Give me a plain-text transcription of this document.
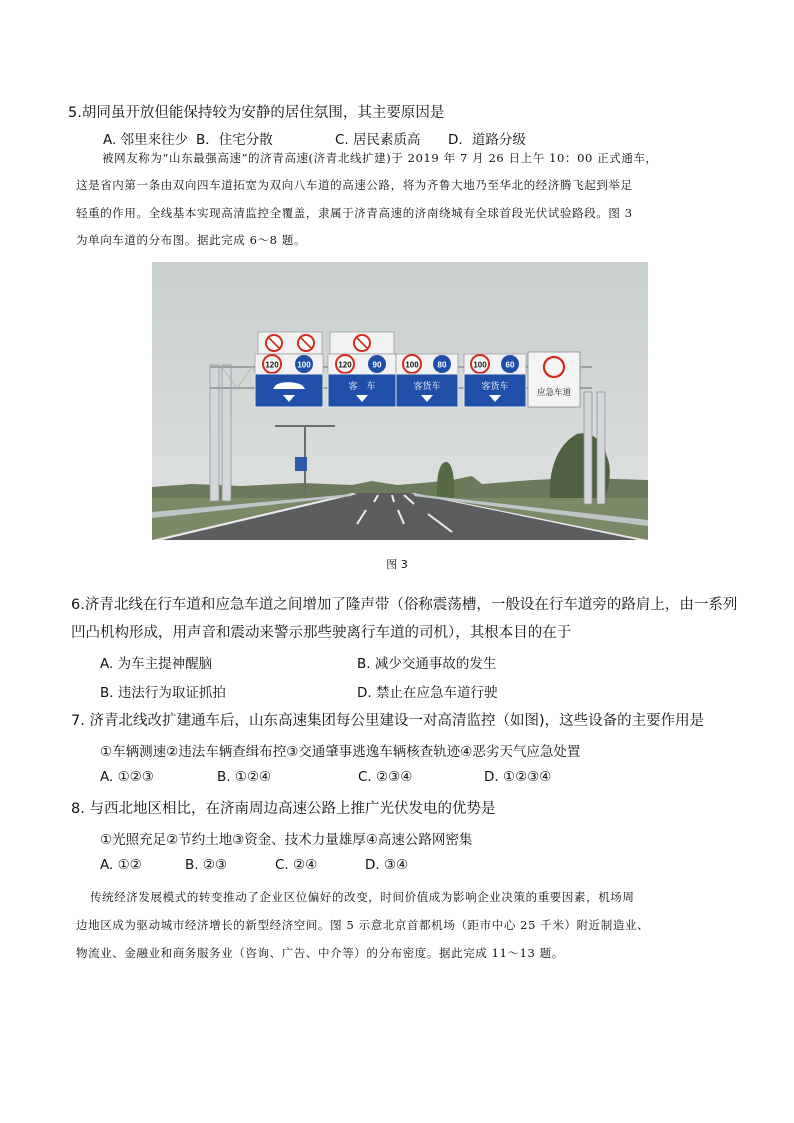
5.胡同虽开放但能保持较为安静的居住氛围，其主要原因是
A. 邻里来往少 B．住宅分散	C. 居民素质高 D．道路分级
被网友称为“山东最强高速”的济青高速(济青北线扩建)于 2019 年 7 月 26 日上午 10：00 正式通车，
这是省内第一条由双向四车道拓宽为双向八车道的高速公路，将为齐鲁大地乃至华北的经济腾飞起到举足
轻重的作用。全线基本实现高清监控全覆盖，隶属于济青高速的济南绕城有全球首段光伏试验路段。图 3
为单向车道的分布图。据此完成 6～8 题。
120 100	120	90
客　车
100 80
客货车
100 60
客货车
应急车道
图 3
6.济青北线在行车道和应急车道之间增加了隆声带（俗称震荡槽，一般设在行车道旁的路肩上，由一系列
凹凸机构形成，用声音和震动来警示那些驶离行车道的司机），其根本目的在于
A. 为车主提神醒脑	B. 减少交通事故的发生
B. 违法行为取证抓拍	D. 禁止在应急车道行驶
7. 济青北线改扩建通车后，山东高速集团每公里建设一对高清监控（如图)，这些设备的主要作用是
①车辆测速②违法车辆查缉布控③交通肇事逃逸车辆核查轨迹④恶劣天气应急处置
A. ①②③	B. ①②④	C. ②③④	D. ①②③④
8. 与西北地区相比，在济南周边高速公路上推广光伏发电的优势是
①光照充足②节约土地③资金、技术力量雄厚④高速公路网密集
A. ①②	B. ②③	C. ②④	D. ③④
传统经济发展模式的转变推动了企业区位偏好的改变，时间价值成为影响企业决策的重要因素，机场周
边地区成为驱动城市经济增长的新型经济空间。图 5 示意北京首都机场（距市中心 25 千米）附近制造业、
物流业、金融业和商务服务业（咨询、广告、中介等）的分布密度。据此完成 11～13 题。
